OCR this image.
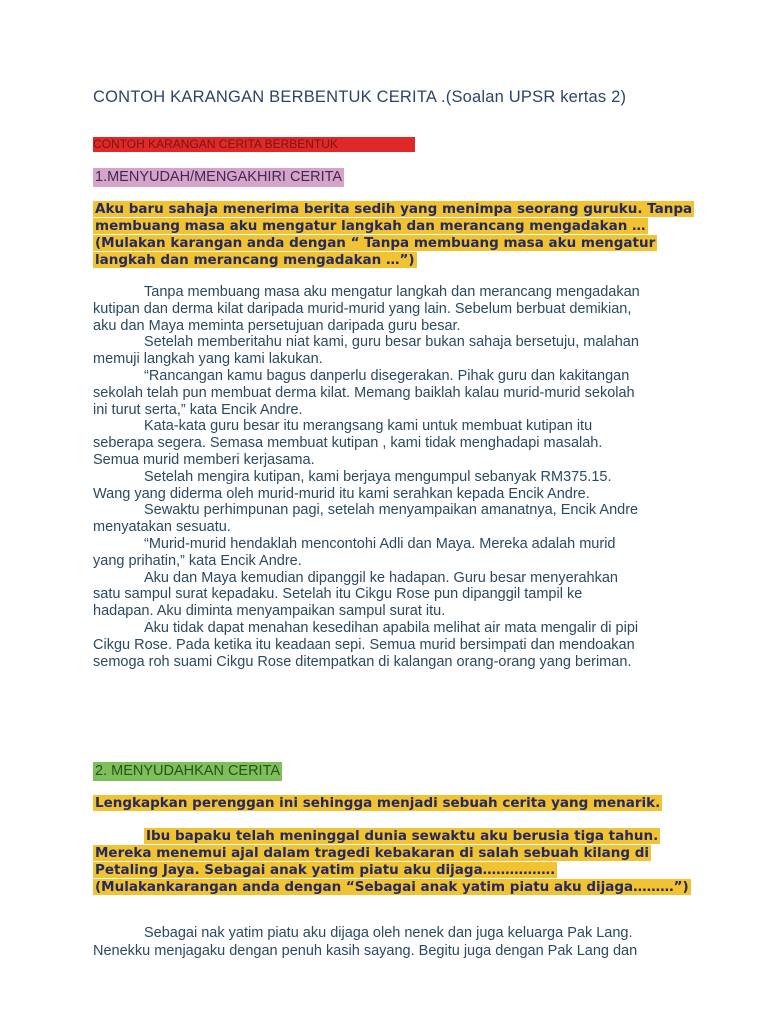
CONTOH KARANGAN BERBENTUK CERITA .(Soalan UPSR kertas 2)

CONTOH KARANGAN CERITA BERBENTUK

1.MENYUDAH/MENGAKHIRI CERITA

Aku baru sahaja menerima berita sedih yang menimpa seorang guruku. Tanpa
membuang masa aku mengatur langkah dan merancang mengadakan …
(Mulakan karangan anda dengan “ Tanpa membuang masa aku mengatur
langkah dan merancang mengadakan …”)
Tanpa membuang masa aku mengatur langkah dan merancang mengadakan
kutipan dan derma kilat daripada murid-murid yang lain. Sebelum berbuat demikian,
aku dan Maya meminta persetujuan daripada guru besar.
Setelah memberitahu niat kami, guru besar bukan sahaja bersetuju, malahan
memuji langkah yang kami lakukan.
“Rancangan kamu bagus danperlu disegerakan. Pihak guru dan kakitangan
sekolah telah pun membuat derma kilat. Memang baiklah kalau murid-murid sekolah
ini turut serta,” kata Encik Andre.
Kata-kata guru besar itu merangsang kami untuk membuat kutipan itu
seberapa segera. Semasa membuat kutipan , kami tidak menghadapi masalah.
Semua murid memberi kerjasama.
Setelah mengira kutipan, kami berjaya mengumpul sebanyak RM375.15.
Wang yang diderma oleh murid-murid itu kami serahkan kepada Encik Andre.
Sewaktu perhimpunan pagi, setelah menyampaikan amanatnya, Encik Andre
menyatakan sesuatu.
“Murid-murid hendaklah mencontohi Adli dan Maya. Mereka adalah murid
yang prihatin,” kata Encik Andre.
Aku dan Maya kemudian dipanggil ke hadapan. Guru besar menyerahkan
satu sampul surat kepadaku. Setelah itu Cikgu Rose pun dipanggil tampil ke
hadapan. Aku diminta menyampaikan sampul surat itu.
Aku tidak dapat menahan kesedihan apabila melihat air mata mengalir di pipi
Cikgu Rose. Pada ketika itu keadaan sepi. Semua murid bersimpati dan mendoakan
semoga roh suami Cikgu Rose ditempatkan di kalangan orang-orang yang beriman.

2. MENYUDAHKAN CERITA

Lengkapkan perenggan ini sehingga menjadi sebuah cerita yang menarik.
Ibu bapaku telah meninggal dunia sewaktu aku berusia tiga tahun.
Mereka menemui ajal dalam tragedi kebakaran di salah sebuah kilang di
Petaling Jaya. Sebagai anak yatim piatu aku dijaga…………….
(Mulakankarangan anda dengan “Sebagai anak yatim piatu aku dijaga………”)
Sebagai nak yatim piatu aku dijaga oleh nenek dan juga keluarga Pak Lang.
Nenekku menjagaku dengan penuh kasih sayang. Begitu juga dengan Pak Lang dan
